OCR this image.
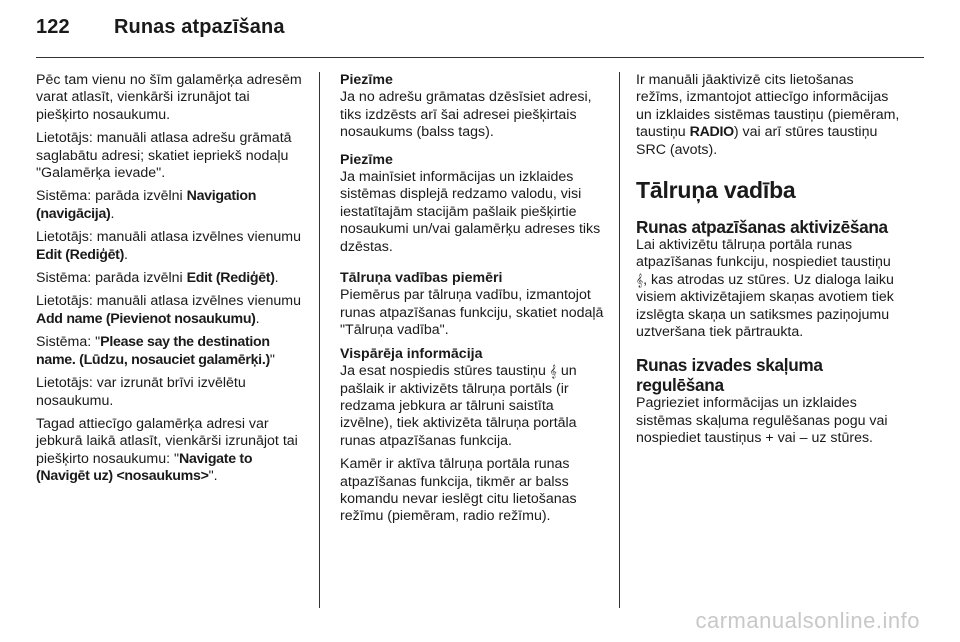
122 Runas atpazīšana

Pēc tam vienu no šīm galamērķa adresēm varat atlasīt, vienkārši izrunājot tai piešķirto nosaukumu.

Lietotājs: manuāli atlasa adrešu grāmatā saglabātu adresi; skatiet iepriekš nodaļu "Galamērķa ievade".

Sistēma: parāda izvēlni Navigation (navigācija).

Lietotājs: manuāli atlasa izvēlnes vienumu Edit (Rediģēt).

Sistēma: parāda izvēlni Edit (Rediģēt).

Lietotājs: manuāli atlasa izvēlnes vienumu Add name (Pievienot nosaukumu).

Sistēma: "Please say the destination name. (Lūdzu, nosauciet galamērķi.)"

Lietotājs: var izrunāt brīvi izvēlētu nosaukumu.

Tagad attiecīgo galamērķa adresi var jebkurā laikā atlasīt, vienkārši izrunājot tai piešķirto nosaukumu: "Navigate to (Navigēt uz) <nosaukums>".

Piezīme

Ja no adrešu grāmatas dzēsīsiet adresi, tiks izdzēsts arī šai adresei piešķirtais nosaukums (balss tags).

Piezīme

Ja mainīsiet informācijas un izklaides sistēmas displejā redzamo valodu, visi iestatītajām stacijām pašlaik piešķirtie nosaukumi un/vai galamērķu adreses tiks dzēstas.

Tālruņa vadības piemēri

Piemērus par tālruņa vadību, izmantojot runas atpazīšanas funkciju, skatiet nodaļā "Tālruņa vadība".

Vispārēja informācija

Ja esat nospiedis stūres taustiņu 𝄞 un pašlaik ir aktivizēts tālruņa portāls (ir redzama jebkura ar tālruni saistīta izvēlne), tiek aktivizēta tālruņa portāla runas atpazīšanas funkcija.

Kamēr ir aktīva tālruņa portāla runas atpazīšanas funkcija, tikmēr ar balss komandu nevar ieslēgt citu lietošanas režīmu (piemēram, radio režīmu).

Ir manuāli jāaktivizē cits lietošanas režīms, izmantojot attiecīgo informācijas un izklaides sistēmas taustiņu (piemēram, taustiņu RADIO) vai arī stūres taustiņu SRC (avots).

Tālruņa vadība
Runas atpazīšanas aktivizēšana

Lai aktivizētu tālruņa portāla runas atpazīšanas funkciju, nospiediet taustiņu 𝄞, kas atrodas uz stūres. Uz dialoga laiku visiem aktivizētajiem skaņas avotiem tiek izslēgta skaņa un satiksmes paziņojumu uztveršana tiek pārtraukta.

Runas izvades skaļuma regulēšana

Pagrieziet informācijas un izklaides sistēmas skaļuma regulēšanas pogu vai nospiediet taustiņus + vai – uz stūres.

carmanualsonline.info
